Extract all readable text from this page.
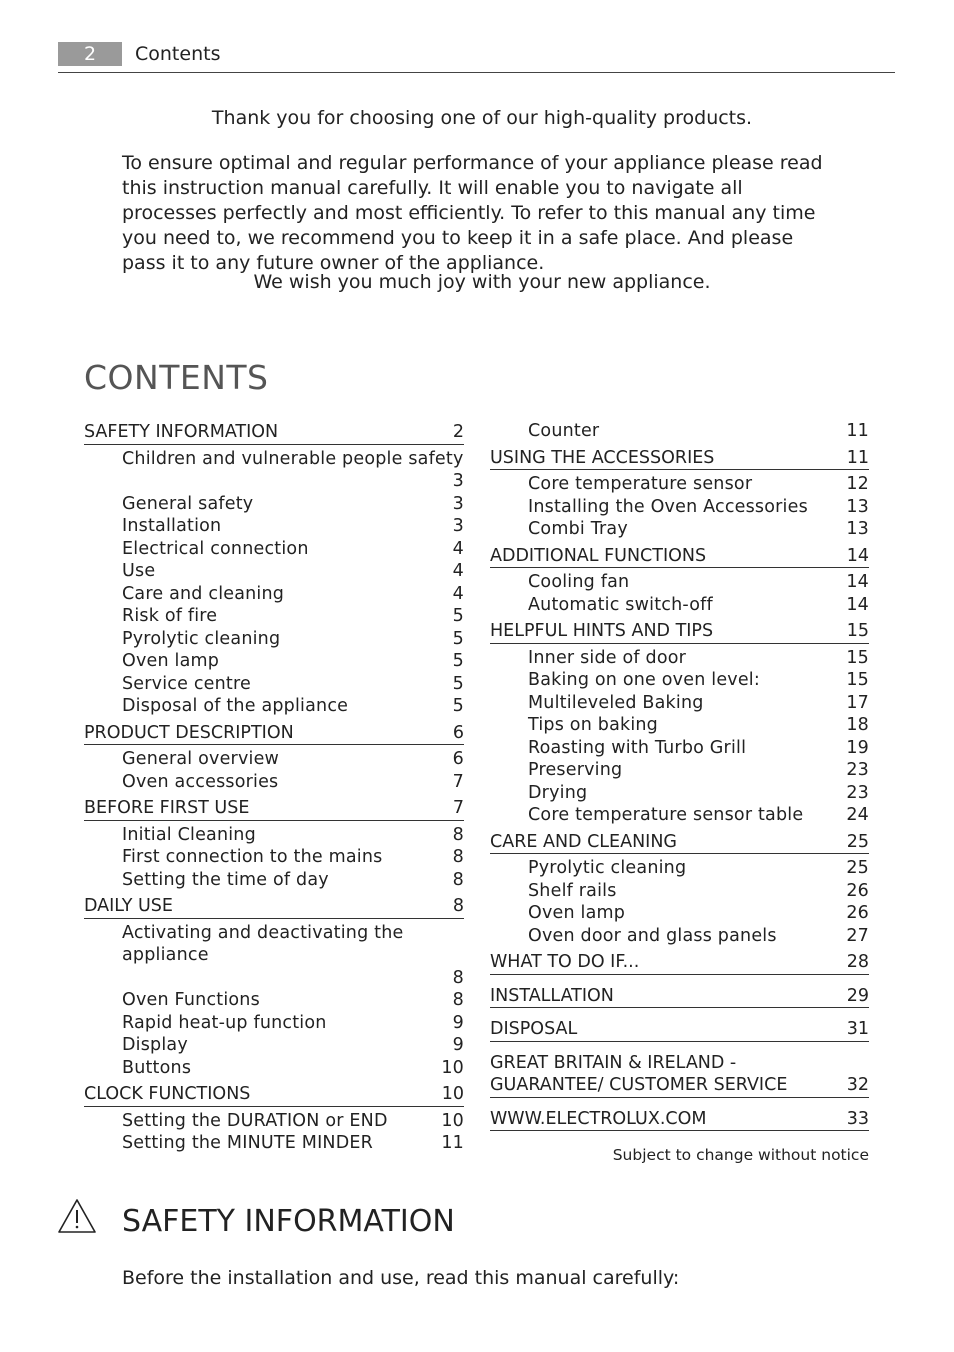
2	Contents
Thank you for choosing one of our high-quality products.
To ensure optimal and regular performance of your appliance please read this instruction manual carefully. It will enable you to navigate all processes perfectly and most efficiently. To refer to this manual any time you need to, we recommend you to keep it in a safe place. And please pass it to any future owner of the appliance.
We wish you much joy with your new appliance.
CONTENTS
SAFETY INFORMATION	2
Children and vulnerable people safety
3
General safety	3
Installation	3
Electrical connection	4
Use	4
Care and cleaning	4
Risk of fire	5
Pyrolytic cleaning	5
Oven lamp	5
Service centre	5
Disposal of the appliance	5
PRODUCT DESCRIPTION	6
General overview	6
Oven accessories	7
BEFORE FIRST USE	7
Initial Cleaning	8
First connection to the mains	8
Setting the time of day	8
DAILY USE	8
Activating and deactivating the appliance
8
Oven Functions	8
Rapid heat-up function	9
Display	9
Buttons	10
CLOCK FUNCTIONS	10
Setting the DURATION or END	10
Setting the MINUTE MINDER	11
Counter	11
USING THE ACCESSORIES	11
Core temperature sensor	12
Installing the Oven Accessories	13
Combi Tray	13
ADDITIONAL FUNCTIONS	14
Cooling fan	14
Automatic switch-off	14
HELPFUL HINTS AND TIPS	15
Inner side of door	15
Baking on one oven level:	15
Multileveled Baking	17
Tips on baking	18
Roasting with Turbo Grill	19
Preserving	23
Drying	23
Core temperature sensor table	24
CARE AND CLEANING	25
Pyrolytic cleaning	25
Shelf rails	26
Oven lamp	26
Oven door and glass panels	27
WHAT TO DO IF...	28
INSTALLATION	29
DISPOSAL	31
GREAT BRITAIN & IRELAND - GUARANTEE/ CUSTOMER SERVICE	32
WWW.ELECTROLUX.COM	33
Subject to change without notice
SAFETY INFORMATION
Before the installation and use, read this manual carefully:
